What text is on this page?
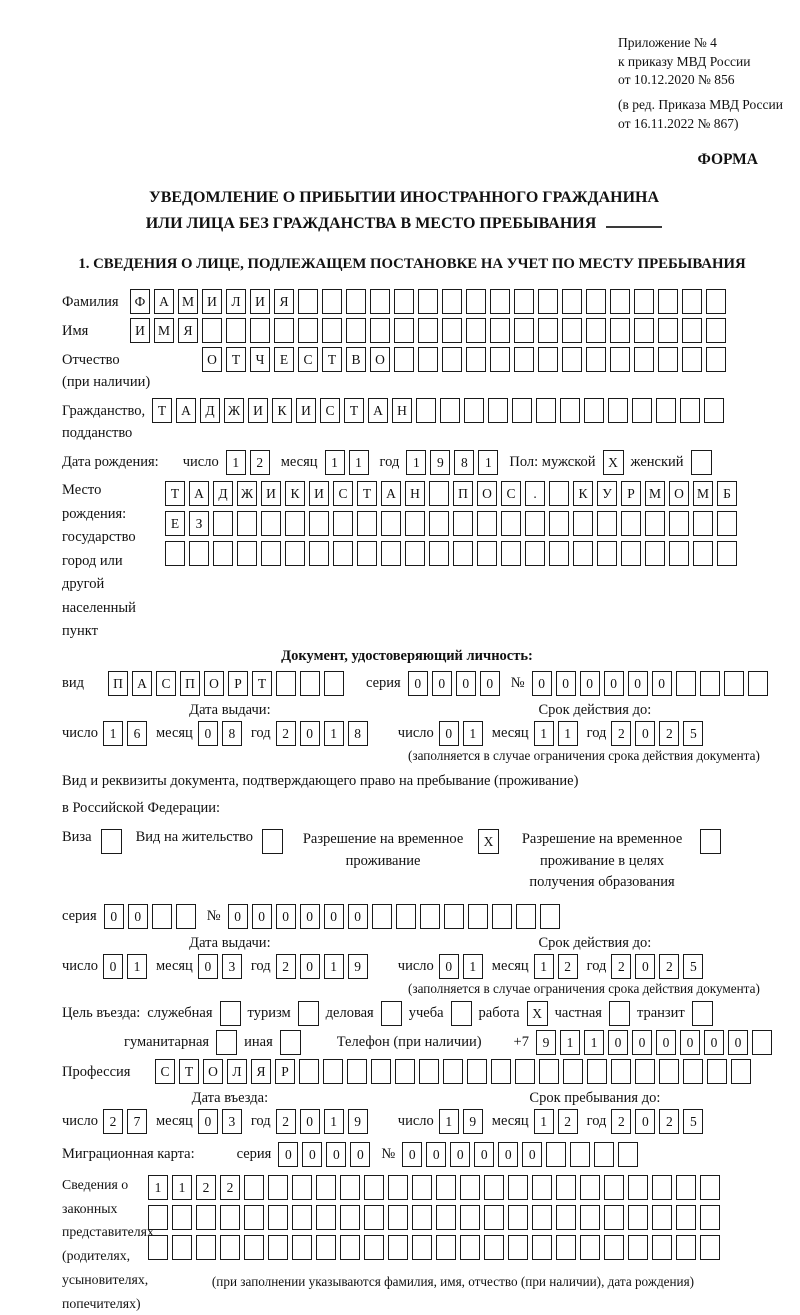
Приложение № 4
к приказу МВД России
от 10.12.2020 № 856
(в ред. Приказа МВД России
от 16.11.2022 № 867)
ФОРМА
УВЕДОМЛЕНИЕ О ПРИБЫТИИ ИНОСТРАННОГО ГРАЖДАНИНА
ИЛИ ЛИЦА БЕЗ ГРАЖДАНСТВА В МЕСТО ПРЕБЫВАНИЯ
1. СВЕДЕНИЯ О ЛИЦЕ, ПОДЛЕЖАЩЕМ ПОСТАНОВКЕ НА УЧЕТ ПО МЕСТУ ПРЕБЫВАНИЯ
Фамилия	Ф	А М И	Л	И	Я
Имя	И М Я
Отчество
(при наличии)
О	Т	Ч	Е	С	Т	В	О
Гражданство,
подданство
Т	А	Д Ж И	К	И	С	Т	А	Н
Дата рождения: число	1	2	месяц	1	1	год	1	9	8	1	Пол: мужской X женский
Место рождения:
государство
город или другой
населенный пункт
Т	А	Д Ж И	К	И	С	Т	А	Н	П	О	С	.	К	У	Р	М О М	Б
Е	З
Документ, удостоверяющий личность:
вид	П	А	С	П	О	Р	Т	серия	0	0	0	0	№	0	0	0	0	0	0
Дата выдачи:	Срок действия до:
число 1	6	месяц 0	8	год 2	0	1	8	число 0	1	месяц 1	1	год 2	0	2	5
(заполняется в случае ограничения срока действия документа)
Вид и реквизиты документа, подтверждающего право на пребывание (проживание)
в Российской Федерации:
Виза	Вид на жительство	Разрешение на временное проживание
X	Разрешение на временное проживание в целях получения образования
серия	0	0	№	0	0	0	0	0	0
Дата выдачи:	Срок действия до:
число 0	1	месяц 0	3	год 2	0	1	9	число 0	1	месяц 1	2	год 2	0	2	5
(заполняется в случае ограничения срока действия документа)
Цель въезда: служебная туризм деловая учеба работа X частная транзит
гуманитарная иная	Телефон (при наличии) +7	9	1	1	0	0	0	0	0	0
Профессия	С	Т	О	Л	Я	Р
Дата въезда:	Срок пребывания до:
число 2	7	месяц 0	3	год 2	0	1	9	число 1	9	месяц 1	2	год 2	0	2	5
Миграционная карта:	серия	0	0	0	0	№	0	0	0	0	0	0
Сведения о
законных
представителях
(родителях,
усыновителях,
попечителях)
1	1	2	2
(при заполнении указываются фамилия, имя, отчество (при наличии), дата рождения)
